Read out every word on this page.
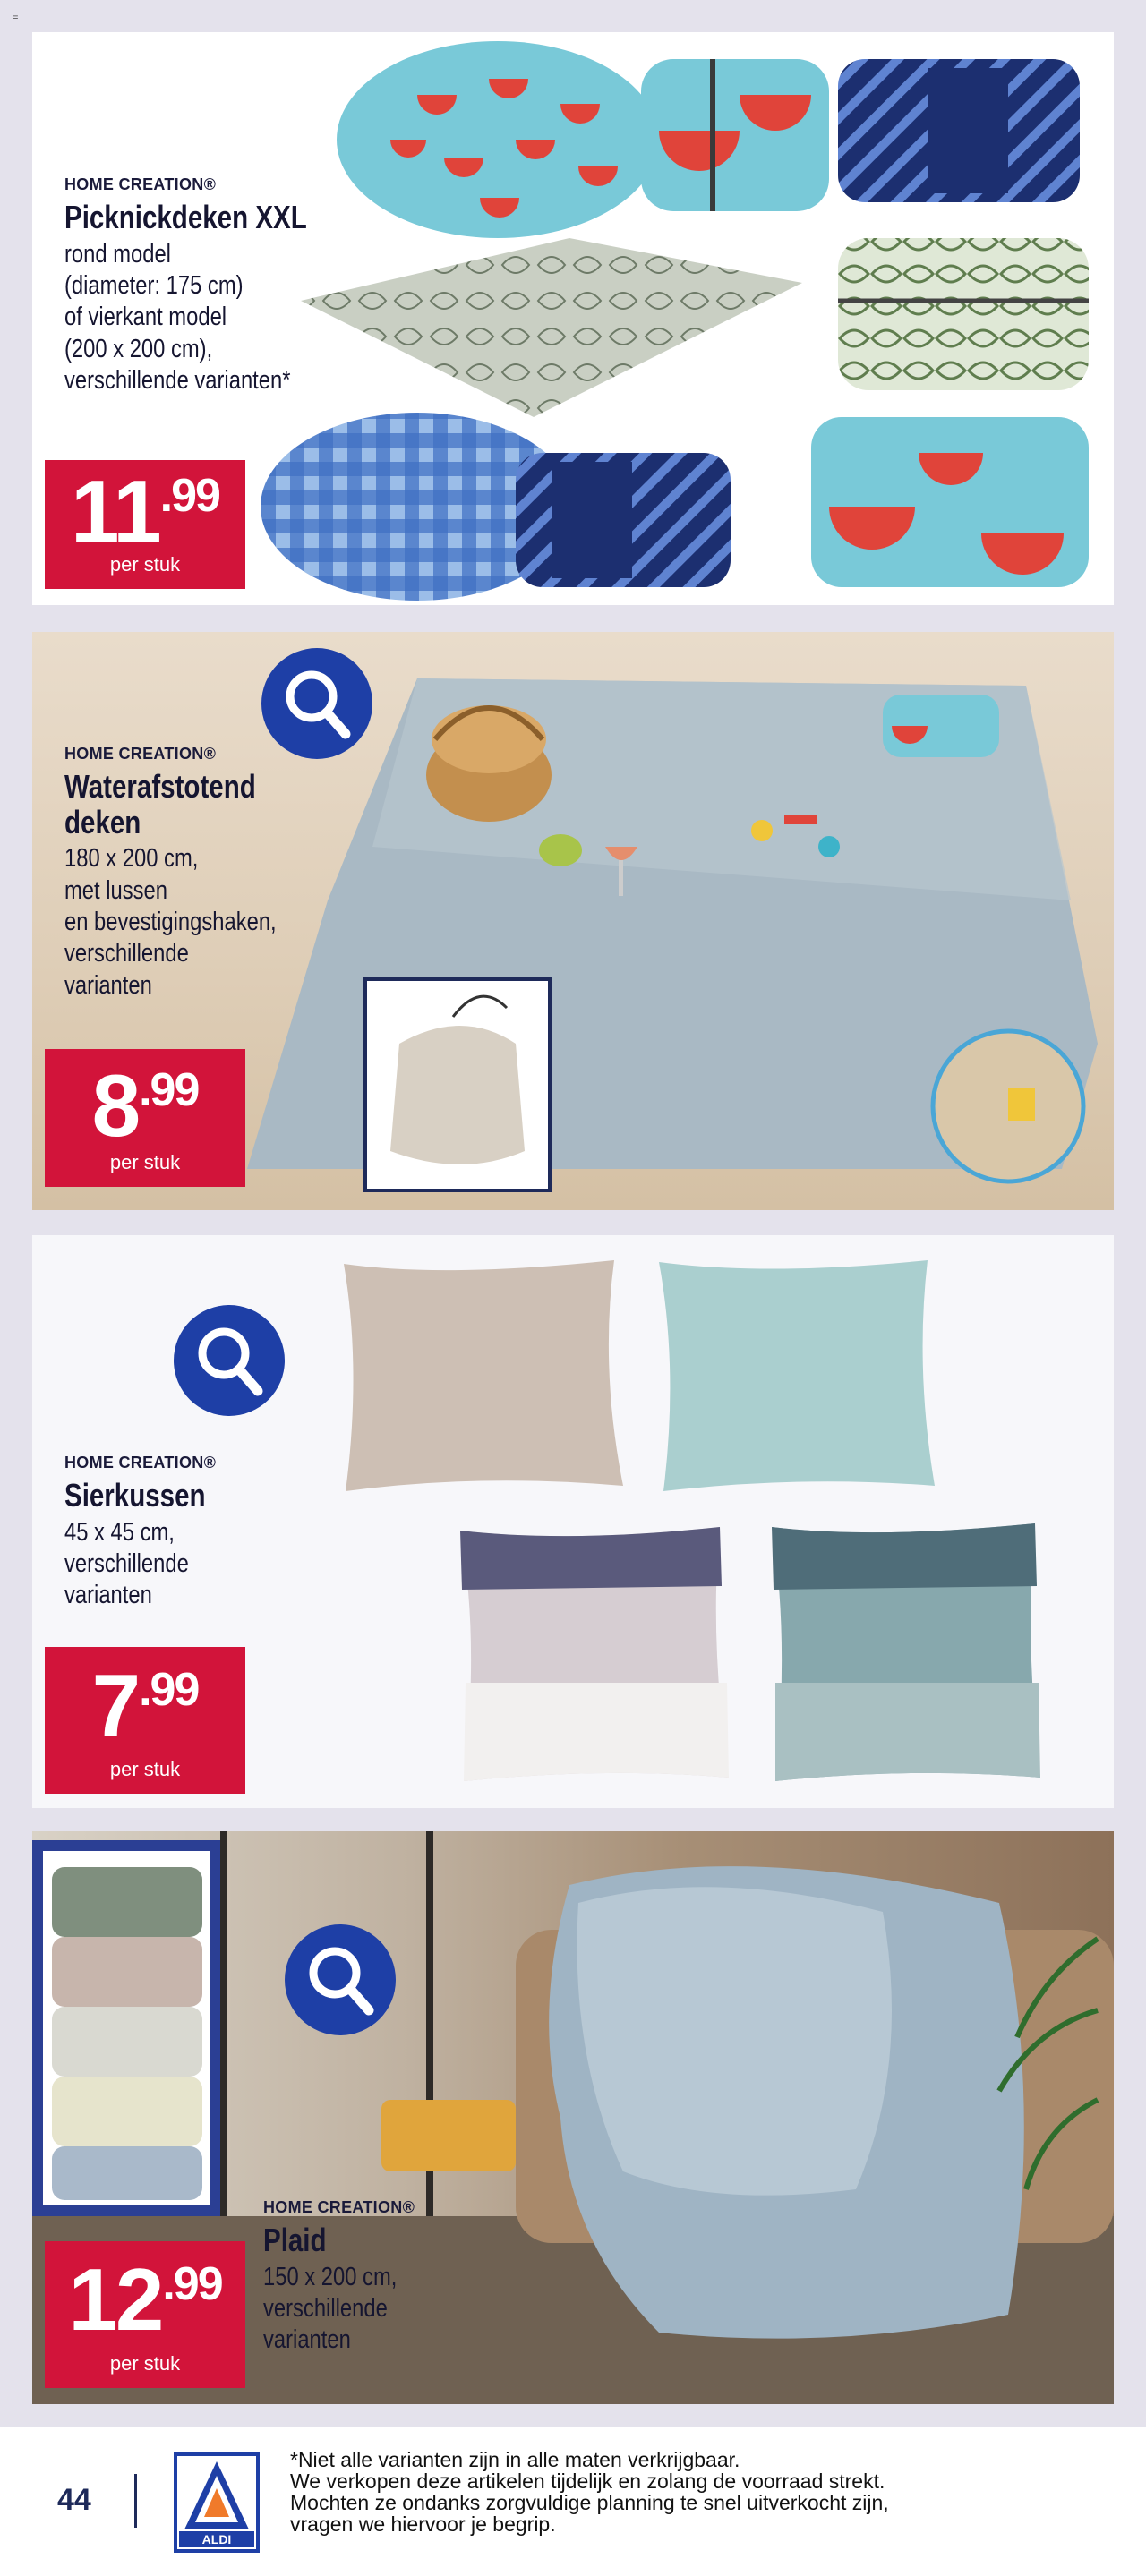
=
HOME CREATION®
Picknickdeken XXL
rond model
(diameter: 175 cm)
of vierkant model
(200 x 200 cm),
verschillende varianten*
$11^{.99}$
per stuk
HOME CREATION®
Waterafstotend
deken
180 x 200 cm,
met lussen
en bevestigingshaken,
verschillende
varianten
$8^{.99}$
per stuk
HOME CREATION®
Sierkussen
45 x 45 cm,
verschillende
varianten
$7^{.99}$
per stuk
HOME CREATION®
Plaid
150 x 200 cm,
verschillende
varianten
$12^{.99}$
per stuk
44
ALDI
*Niet alle varianten zijn in alle maten verkrijgbaar.
We verkopen deze artikelen tijdelijk en zolang de voorraad strekt.
Mochten ze ondanks zorgvuldige planning te snel uitverkocht zijn,
vragen we hiervoor je begrip.
